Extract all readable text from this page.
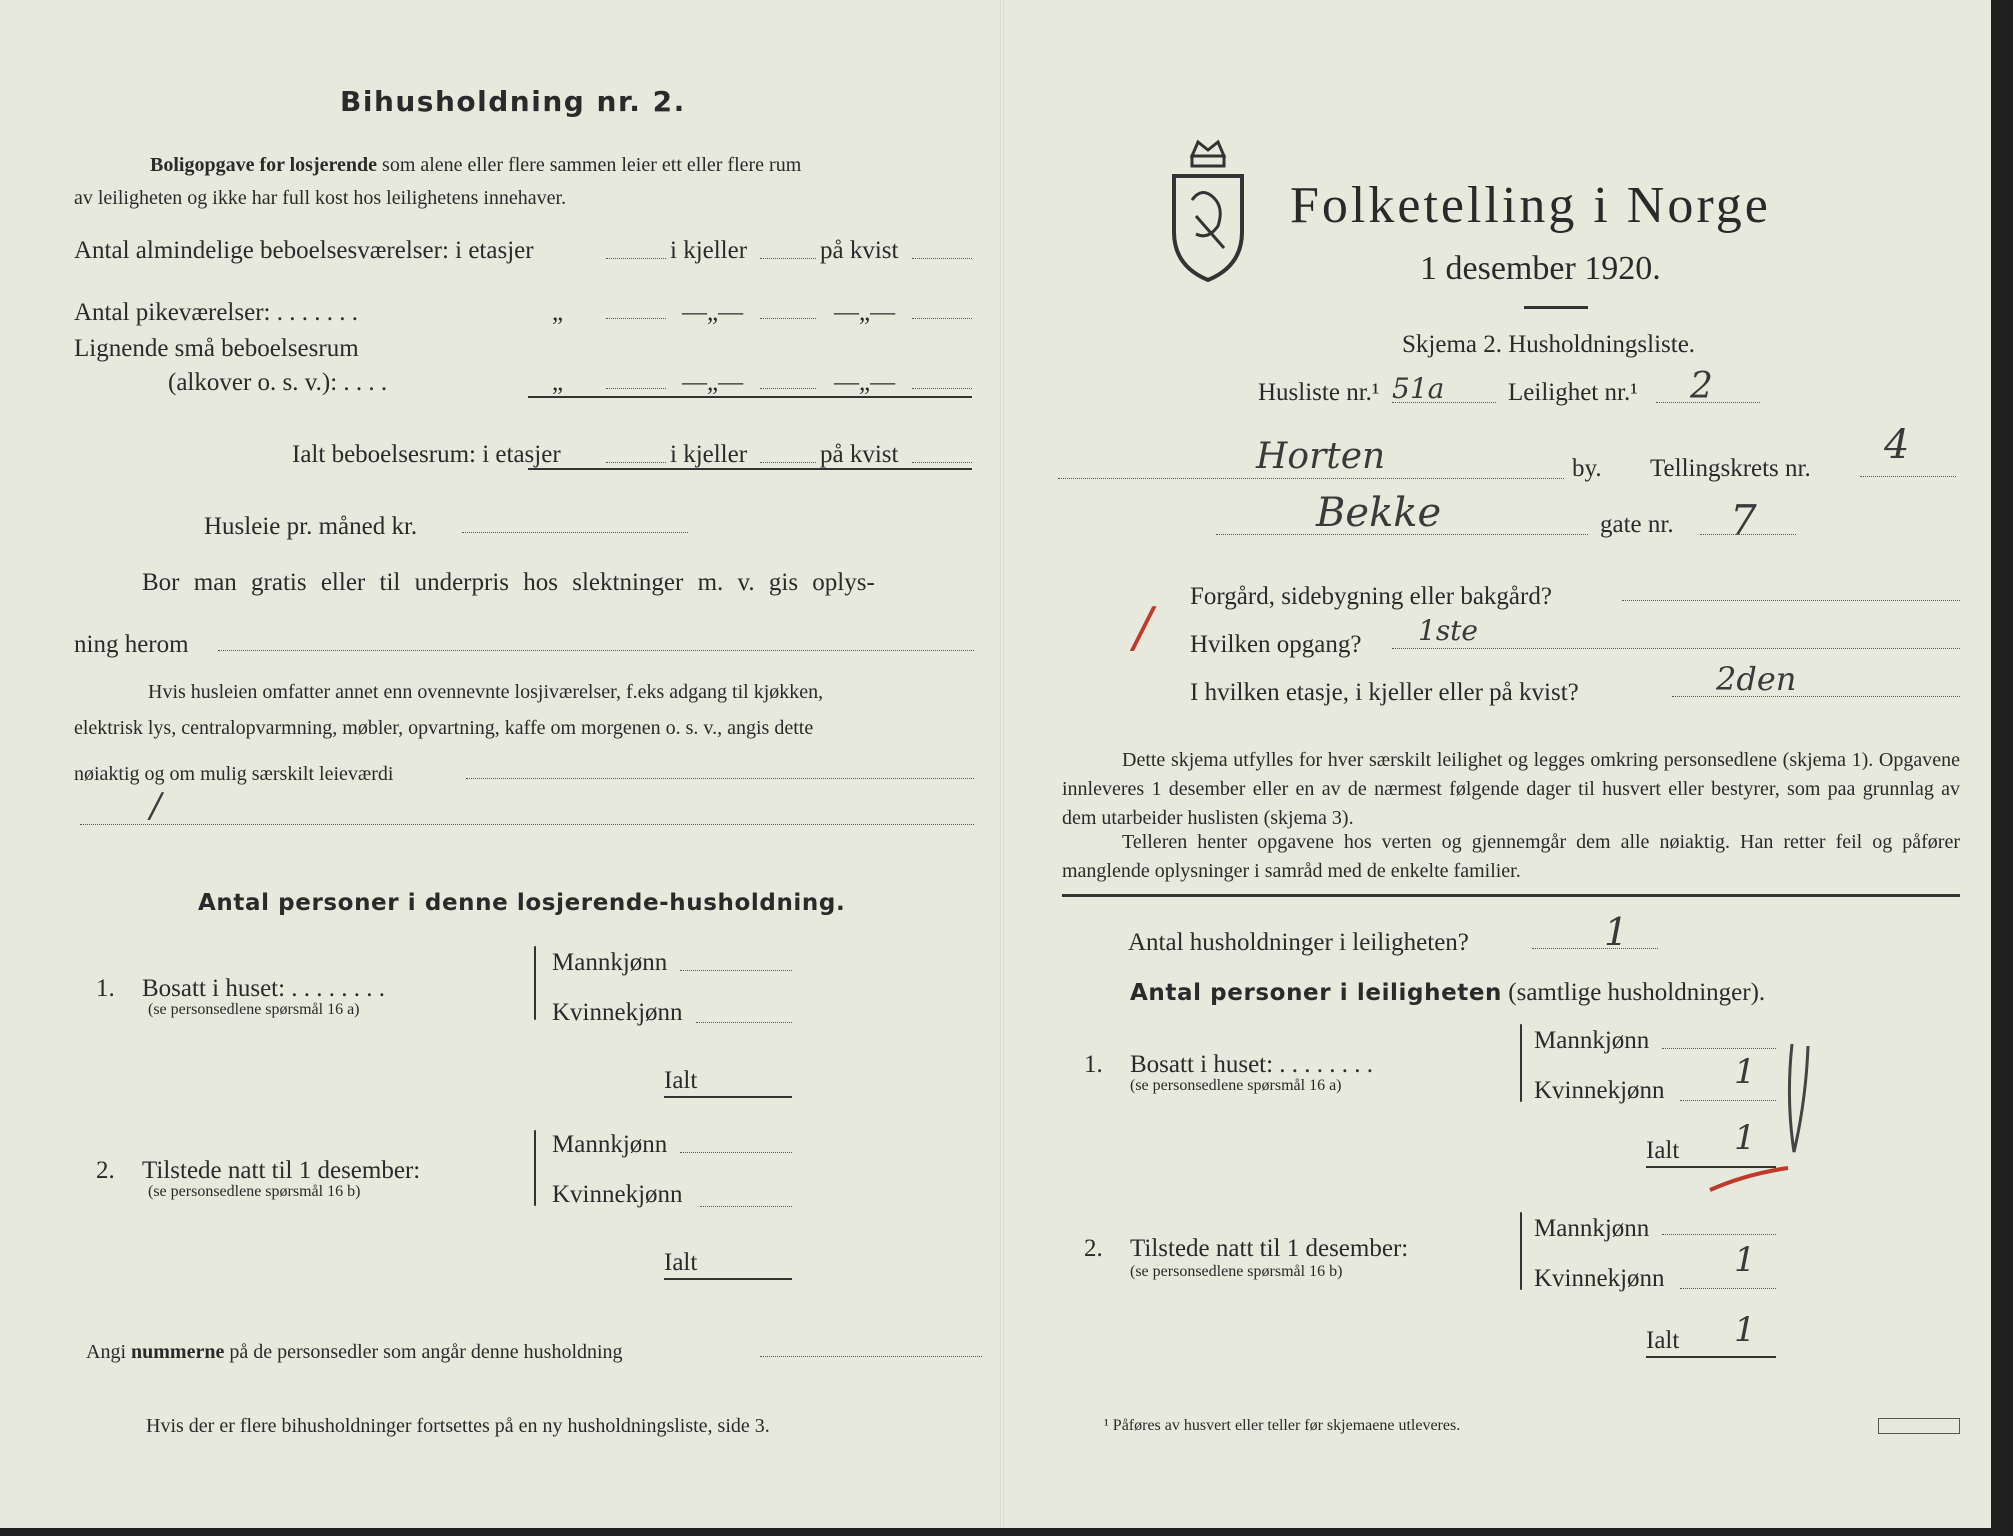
Bihusholdning nr. 2.
Boligopgave for losjerende som alene eller flere sammen leier ett eller flere rum
av leiligheten og ikke har full kost hos leilighetens innehaver.
Antal almindelige beboelsesværelser: i etasjer	i kjeller	på kvist
Antal pikeværelser: . . . . . . .	„	—„—	—„—
Lignende små beboelsesrum
(alkover o. s. v.): . . . .	„	—„—	—„—
Ialt beboelsesrum: i etasjer	i kjeller	på kvist
Husleie pr. måned kr.
Bor man gratis eller til underpris hos slektninger m. v. gis oplys-
ning herom
Hvis husleien omfatter annet enn ovennevnte losjiværelser, f.eks adgang til kjøkken,
elektrisk lys, centralopvarmning, møbler, opvartning, kaffe om morgenen o. s. v., angis dette
nøiaktig og om mulig særskilt leieværdi
/
Antal personer i denne losjerende-husholdning.
1. Bosatt i huset: . . . . . . . .
(se personsedlene spørsmål 16 a)
Mannkjønn
Kvinnekjønn
Ialt
2. Tilstede natt til 1 desember:
(se personsedlene spørsmål 16 b)
Mannkjønn
Kvinnekjønn
Ialt
Angi nummerne på de personsedler som angår denne husholdning
Hvis der er flere bihusholdninger fortsettes på en ny husholdningsliste, side 3.
Folketelling i Norge
1 desember 1920.
Skjema 2. Husholdningsliste.
Husliste nr.¹ 51a	Leilighet nr.¹ 2
Horten	by. Tellingskrets nr.
4
Bekke	gate nr. 7
/ Forgård, sidebygning eller bakgård?
Hvilken opgang? 1ste
I hvilken etasje, i kjeller eller på kvist?	2den
Dette skjema utfylles for hver særskilt leilighet og legges omkring personsedlene (skjema 1). Opgavene innleveres 1 desember eller en av de nærmest følgende dager til husvert eller bestyrer, som paa grunnlag av dem utarbeider huslisten (skjema 3).
Telleren henter opgavene hos verten og gjennemgår dem alle nøiaktig. Han retter feil og påfører manglende oplysninger i samråd med de enkelte familier.
Antal husholdninger i leiligheten?	1
Antal personer i leiligheten (samtlige husholdninger).
1. Bosatt i huset: . . . . . . . .
(se personsedlene spørsmål 16 a)
Mannkjønn
Kvinnekjønn 1
Ialt 1
2. Tilstede natt til 1 desember:
(se personsedlene spørsmål 16 b)
Mannkjønn
Kvinnekjønn 1
Ialt 1
¹ Påføres av husvert eller teller før skjemaene utleveres.
